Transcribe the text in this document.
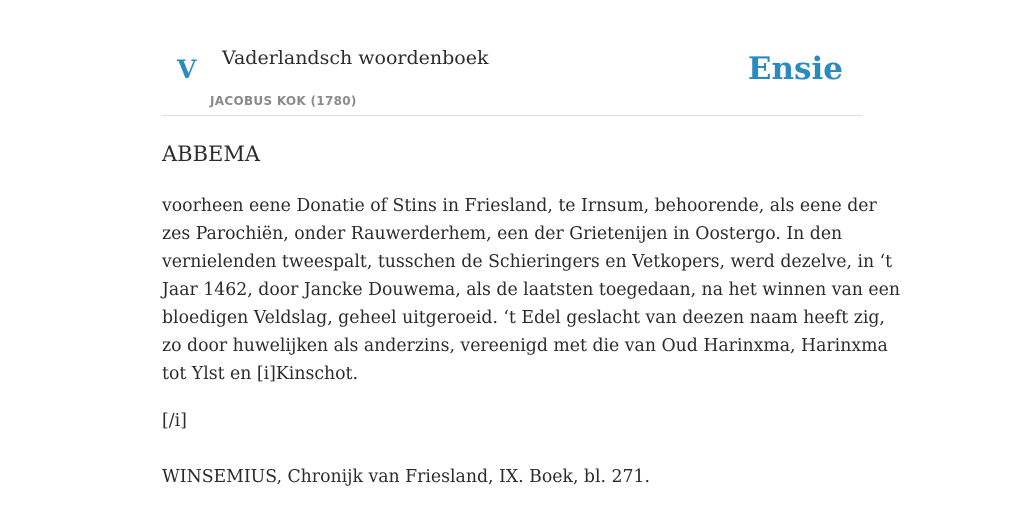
V Vaderlandsch woordenboek
JACOBUS KOK (1780)
Ensie
ABBEMA

voorheen eene Donatie of Stins in Friesland, te Irnsum, behoorende, als eene der
zes Parochiën, onder Rauwerderhem, een der Grietenijen in Oostergo. In den
vernielenden tweespalt, tusschen de Schieringers en Vetkopers, werd dezelve, in ‘t
Jaar 1462, door Jancke Douwema, als de laatsten toegedaan, na het winnen van een
bloedigen Veldslag, geheel uitgeroeid. ‘t Edel geslacht van deezen naam heeft zig,
zo door huwelijken als anderzins, vereenigd met die van Oud Harinxma, Harinxma
tot Ylst en [i]Kinschot.

[/i]

WINSEMIUS, Chronijk van Friesland, IX. Boek, bl. 271.
